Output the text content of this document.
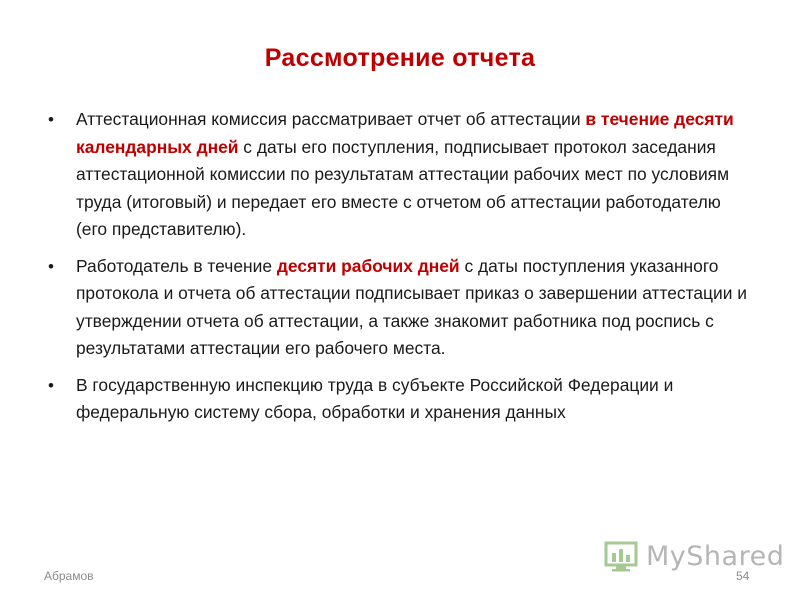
Рассмотрение отчета
• Аттестационная комиссия рассматривает отчет об аттестации в течение десяти календарных дней с даты его поступления, подписывает протокол заседания аттестационной комиссии по результатам аттестации рабочих мест по условиям труда (итоговый) и передает его вместе с отчетом об аттестации работодателю (его представителю).
• Работодатель в течение десяти рабочих дней с даты поступления указанного протокола и отчета об аттестации подписывает приказ о завершении аттестации и утверждении отчета об аттестации, а также знакомит работника под роспись с результатами аттестации его рабочего места.
• В государственную инспекцию труда в субъекте Российской Федерации и федеральную систему сбора, обработки и хранения данных
Абрамов	54
MyShared
